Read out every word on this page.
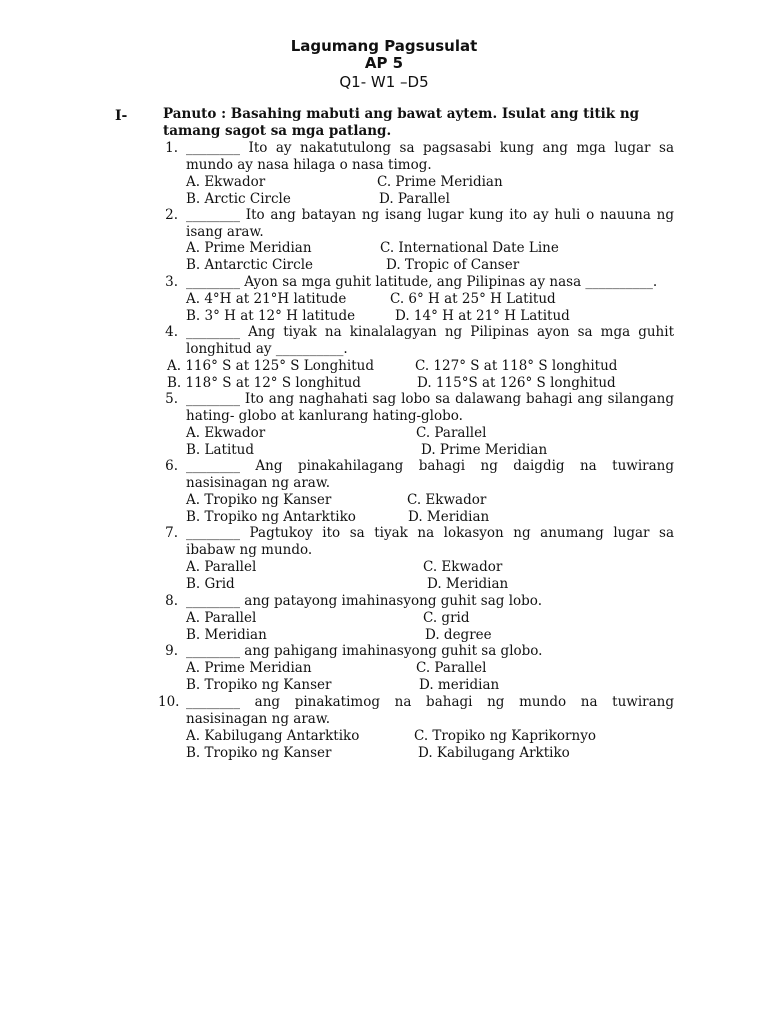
Lagumang Pagsusulat
AP 5
Q1- W1 –D5
I-	Panuto : Basahing mabuti ang bawat aytem. Isulat ang titik ng tamang sagot sa mga patlang.
1. ________ Ito ay nakatutulong sa pagsasabi kung ang mga lugar sa mundo ay nasa hilaga o nasa timog.
A. Ekwador	C. Prime Meridian
B. Arctic Circle	D. Parallel
2. ________ Ito ang batayan ng isang lugar kung ito ay huli o nauuna ng isang araw.
A. Prime Meridian	C. International Date Line
B. Antarctic Circle	D. Tropic of Canser
3. ________ Ayon sa mga guhit latitude, ang Pilipinas ay nasa __________.
A. 4°H at 21°H latitude	C. 6° H at 25° H Latitud
B. 3° H at 12° H latitude	D. 14° H at 21° H Latitud
4. ________ Ang tiyak na kinalalagyan ng Pilipinas ayon sa mga guhit longhitud ay __________.
A. 116° S at 125° S Longhitud	C. 127° S at 118° S longhitud
B. 118° S at 12° S longhitud	D. 115°S at 126° S longhitud
5. ________ Ito ang naghahati sag lobo sa dalawang bahagi ang silangang hating- globo at kanlurang hating-globo.
A. Ekwador	C. Parallel
B. Latitud	D. Prime Meridian
6. ________ Ang pinakahilagang bahagi ng daigdig na tuwirang nasisinagan ng araw.
A. Tropiko ng Kanser	C. Ekwador
B. Tropiko ng Antarktiko	D. Meridian
7. ________ Pagtukoy ito sa tiyak na lokasyon ng anumang lugar sa ibabaw ng mundo.
A. Parallel	C. Ekwador
B. Grid	D. Meridian
8. ________ ang patayong imahinasyong guhit sag lobo.
A. Parallel	C. grid
B. Meridian	D. degree
9. ________ ang pahigang imahinasyong guhit sa globo.
A. Prime Meridian	C. Parallel
B. Tropiko ng Kanser	D. meridian
10. ________ ang pinakatimog na bahagi ng mundo na tuwirang nasisinagan ng araw.
A. Kabilugang Antarktiko	C. Tropiko ng Kaprikornyo
B. Tropiko ng Kanser	D. Kabilugang Arktiko
